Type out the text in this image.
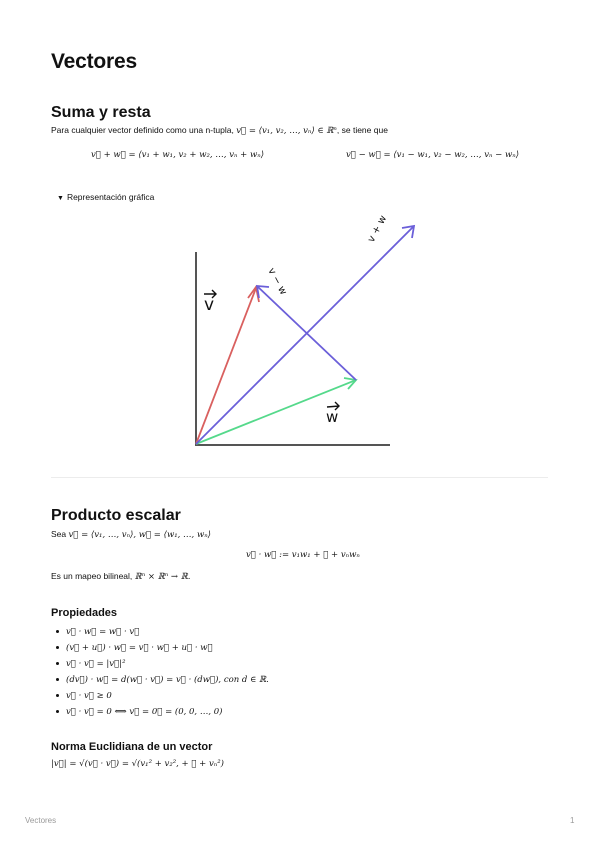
Vectores
Suma y resta
Para cualquier vector definido como una n-tupla, v⃗ = ⟨v₁, v₂, …, vₙ⟩ ∈ ℝⁿ, se tiene que
v⃗ + w⃗ = ⟨v₁ + w₁, v₂ + w₂, …, vₙ + wₙ⟩	v⃗ − w⃗ = ⟨v₁ − w₁, v₂ − w₂, …, vₙ − wₙ⟩
▼ Representación gráfica
v
w
v − w
v + w
Producto escalar
Sea v⃗ = ⟨v₁, …, vₙ⟩, w⃗ = ⟨w₁, …, wₙ⟩
v⃗ · w⃗ := v₁w₁ + ⋯ + vₙwₙ
Es un mapeo bilineal, ℝⁿ × ℝⁿ → ℝ.
Propiedades
v⃗ · w⃗ = w⃗ · v⃗
(v⃗ + u⃗) · w⃗ = v⃗ · w⃗ + u⃗ · w⃗
v⃗ · v⃗ = |v⃗|²
(dv⃗) · w⃗ = d(w⃗ · v⃗) = v⃗ · (dw⃗), con d ∈ ℝ.
v⃗ · v⃗ ≥ 0
v⃗ · v⃗ = 0 ⟺ v⃗ = 0⃗ = (0, 0, …, 0)
Norma Euclidiana de un vector
|v⃗| = √(v⃗ · v⃗) = √(v₁² + v₂², + ⋯ + vₙ²)
Vectores	1
